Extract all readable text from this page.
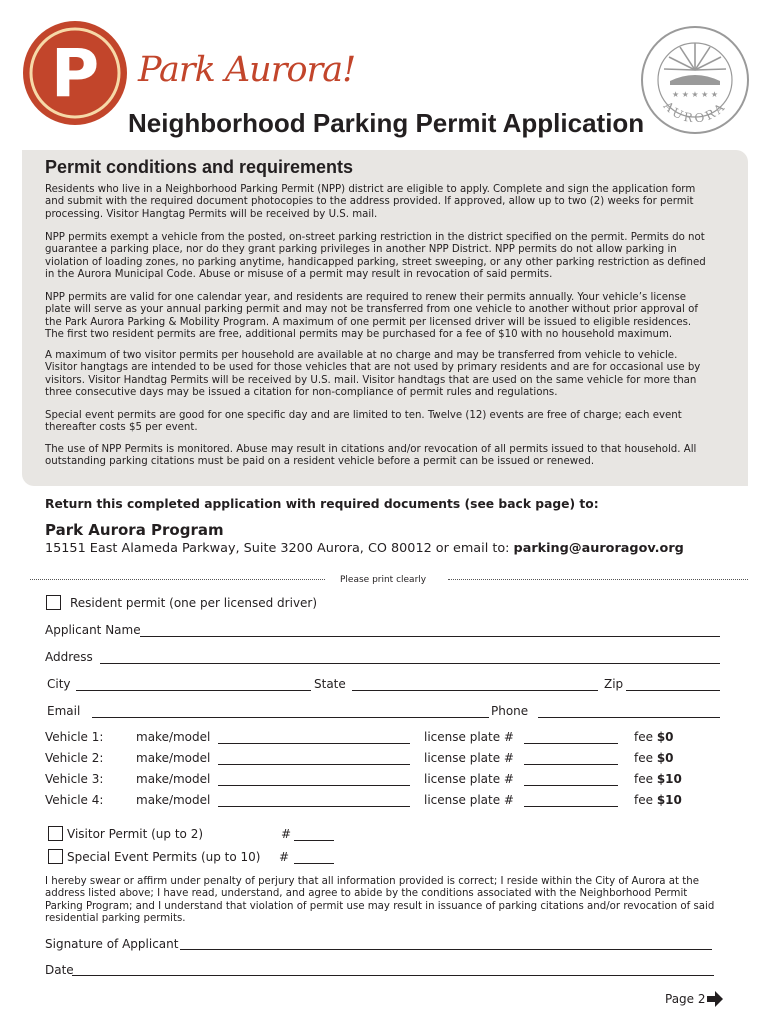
P Park Aurora!
Neighborhood Parking Permit Application
★ ★ ★ ★ ★
AURORA
Permit conditions and requirements
Residents who live in a Neighborhood Parking Permit (NPP) district are eligible to apply. Complete and sign the application form and submit with the required document photocopies to the address provided. If approved, allow up to two (2) weeks for permit processing. Visitor Hangtag Permits will be received by U.S. mail.
NPP permits exempt a vehicle from the posted, on-street parking restriction in the district specified on the permit. Permits do not guarantee a parking place, nor do they grant parking privileges in another NPP District. NPP permits do not allow parking in violation of loading zones, no parking anytime, handicapped parking, street sweeping, or any other parking restriction as defined in the Aurora Municipal Code. Abuse or misuse of a permit may result in revocation of said permits.
NPP permits are valid for one calendar year, and residents are required to renew their permits annually. Your vehicle’s license plate will serve as your annual parking permit and may not be transferred from one vehicle to another without prior approval of the Park Aurora Parking & Mobility Program. A maximum of one permit per licensed driver will be issued to eligible residences. The first two resident permits are free, additional permits may be purchased for a fee of $10 with no household maximum.
A maximum of two visitor permits per household are available at no charge and may be transferred from vehicle to vehicle. Visitor hangtags are intended to be used for those vehicles that are not used by primary residents and are for occasional use by visitors. Visitor Handtag Permits will be received by U.S. mail. Visitor handtags that are used on the same vehicle for more than three consecutive days may be issued a citation for non-compliance of permit rules and regulations.
Special event permits are good for one specific day and are limited to ten. Twelve (12) events are free of charge; each event thereafter costs $5 per event.
The use of NPP Permits is monitored. Abuse may result in citations and/or revocation of all permits issued to that household. All outstanding parking citations must be paid on a resident vehicle before a permit can be issued or renewed.
Return this completed application with required documents (see back page) to:
Park Aurora Program
15151 East Alameda Parkway, Suite 3200 Aurora, CO 80012 or email to: parking@auroragov.org
Please print clearly
Resident permit (one per licensed driver)
Applicant Name
Address
City	State	Zip
Email	Phone
Vehicle 1:	make/model	license plate #	fee $0
Vehicle 2:	make/model	license plate #	fee $0
Vehicle 3:	make/model	license plate #	fee $10
Vehicle 4:	make/model	license plate #	fee $10
Visitor Permit (up to 2)	#
Special Event Permits (up to 10) #
I hereby swear or affirm under penalty of perjury that all information provided is correct; I reside within the City of Aurora at the address listed above; I have read, understand, and agree to abide by the conditions associated with the Neighborhood Permit Parking Program; and I understand that violation of permit use may result in issuance of parking citations and/or revocation of said residential parking permits.
Signature of Applicant
Date
Page 2
